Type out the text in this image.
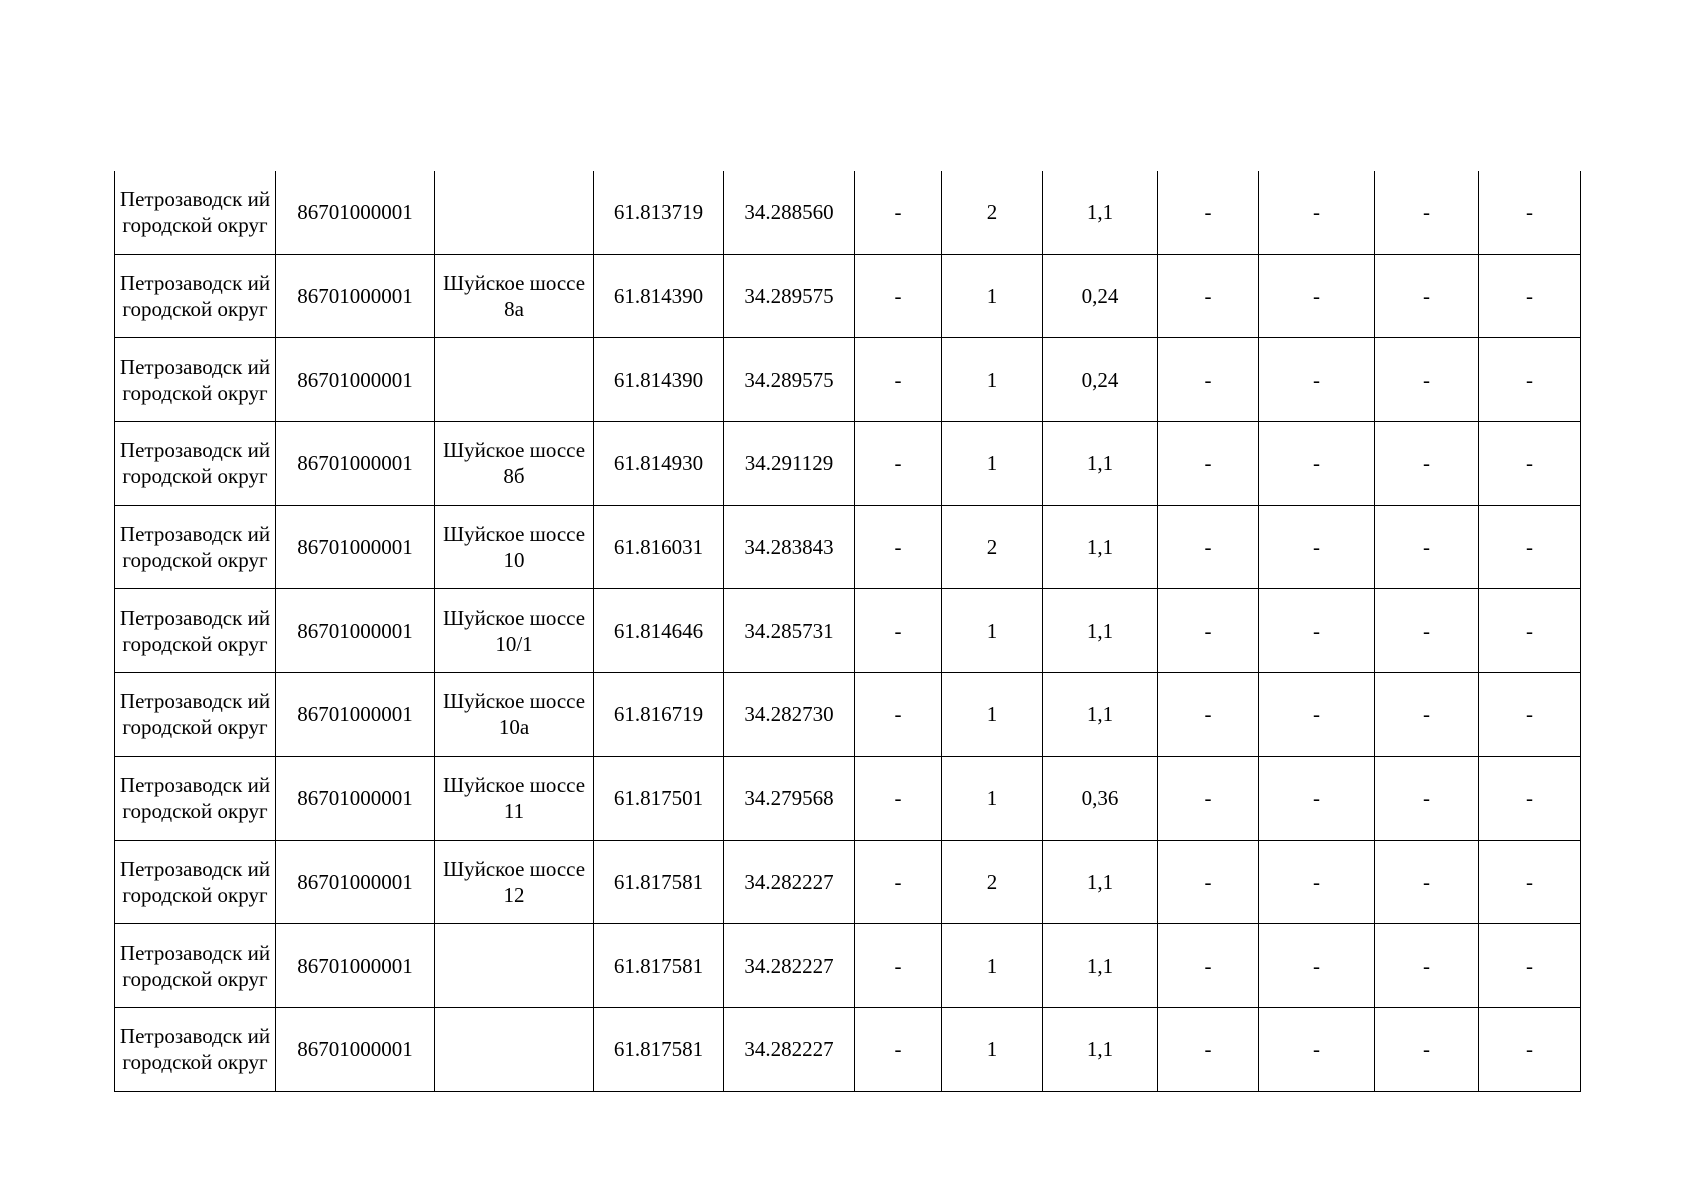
Петрозаводск ий городской округ	86701000001		61.813719	34.288560	-	2	1,1	-	-	-	-
Петрозаводск ий городской округ	86701000001	Шуйское шоссе 8а	61.814390	34.289575	-	1	0,24	-	-	-	-
Петрозаводск ий городской округ	86701000001		61.814390	34.289575	-	1	0,24	-	-	-	-
Петрозаводск ий городской округ	86701000001	Шуйское шоссе 8б	61.814930	34.291129	-	1	1,1	-	-	-	-
Петрозаводск ий городской округ	86701000001	Шуйское шоссе 10	61.816031	34.283843	-	2	1,1	-	-	-	-
Петрозаводск ий городской округ	86701000001	Шуйское шоссе 10/1	61.814646	34.285731	-	1	1,1	-	-	-	-
Петрозаводск ий городской округ	86701000001	Шуйское шоссе 10а	61.816719	34.282730	-	1	1,1	-	-	-	-
Петрозаводск ий городской округ	86701000001	Шуйское шоссе 11	61.817501	34.279568	-	1	0,36	-	-	-	-
Петрозаводск ий городской округ	86701000001	Шуйское шоссе 12	61.817581	34.282227	-	2	1,1	-	-	-	-
Петрозаводск ий городской округ	86701000001		61.817581	34.282227	-	1	1,1	-	-	-	-
Петрозаводск ий городской округ	86701000001		61.817581	34.282227	-	1	1,1	-	-	-	-
